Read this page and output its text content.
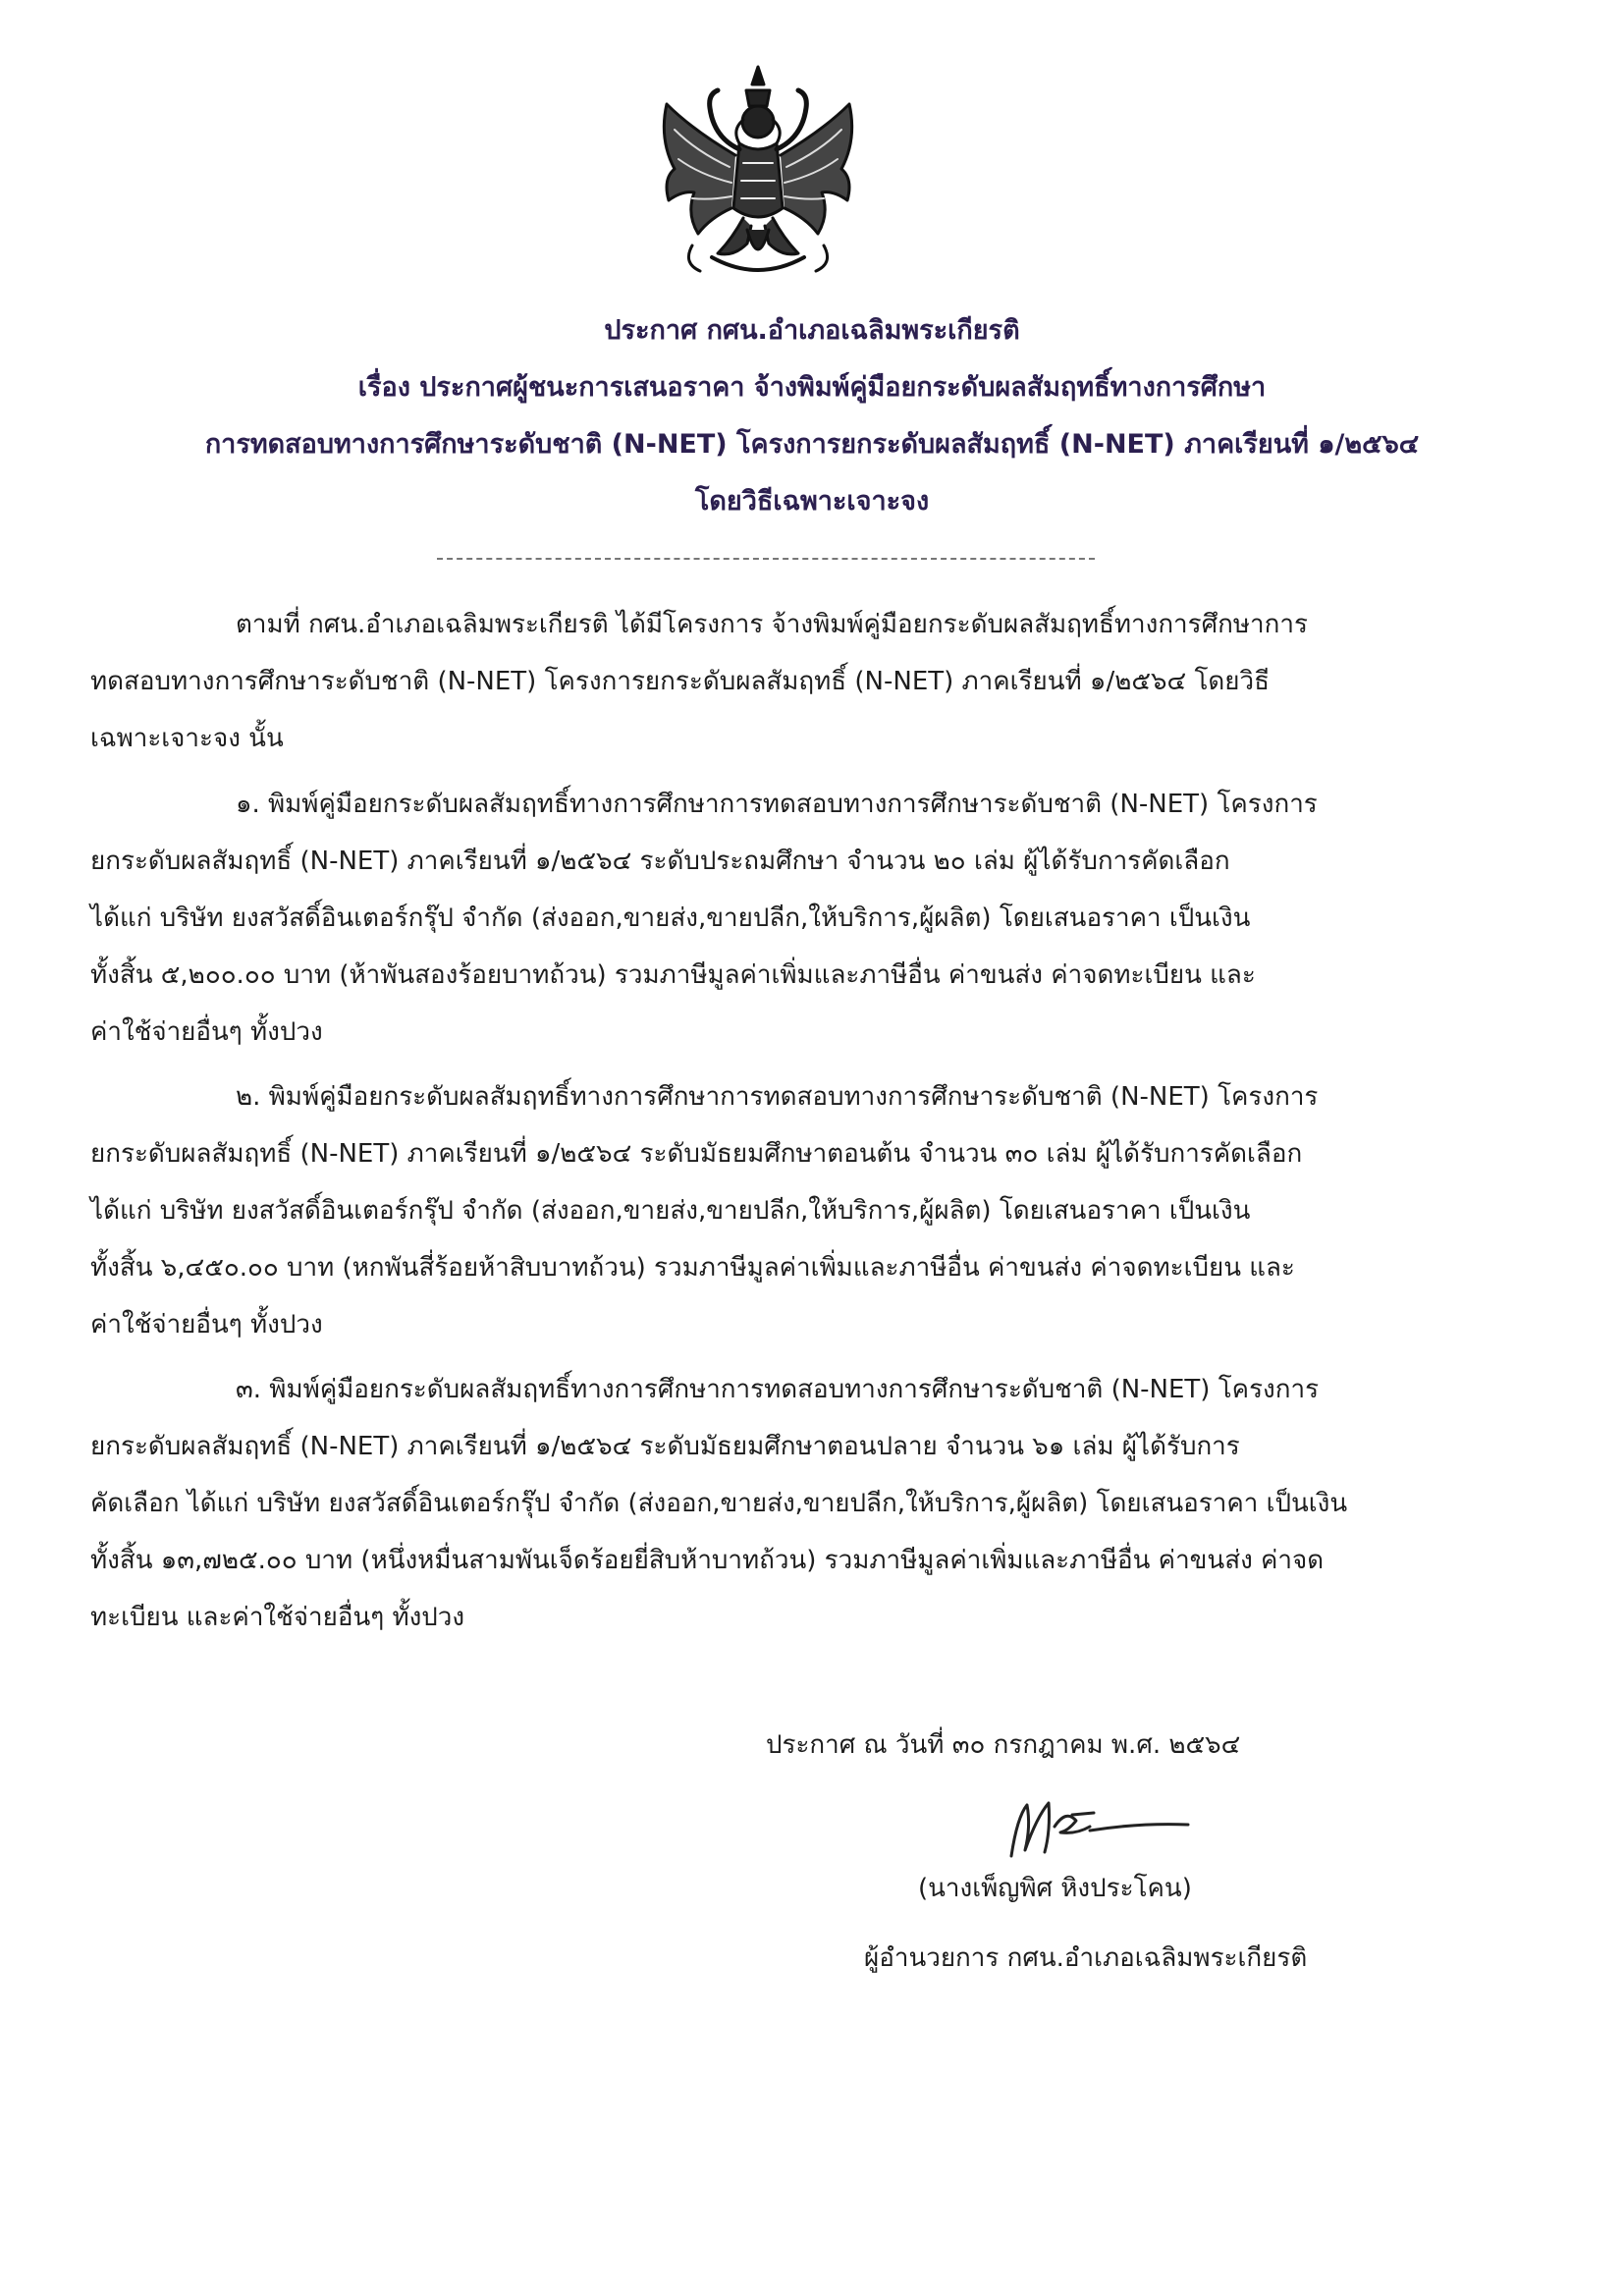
ประกาศ กศน.อำเภอเฉลิมพระเกียรติ
เรื่อง ประกาศผู้ชนะการเสนอราคา จ้างพิมพ์คู่มือยกระดับผลสัมฤทธิ์ทางการศึกษา
การทดสอบทางการศึกษาระดับชาติ (N-NET) โครงการยกระดับผลสัมฤทธิ์ (N-NET) ภาคเรียนที่ ๑/๒๕๖๔
โดยวิธีเฉพาะเจาะจง
ตามที่ กศน.อำเภอเฉลิมพระเกียรติ ได้มีโครงการ จ้างพิมพ์คู่มือยกระดับผลสัมฤทธิ์ทางการศึกษาการ
ทดสอบทางการศึกษาระดับชาติ (N-NET) โครงการยกระดับผลสัมฤทธิ์ (N-NET) ภาคเรียนที่ ๑/๒๕๖๔ โดยวิธี
เฉพาะเจาะจง นั้น
๑. พิมพ์คู่มือยกระดับผลสัมฤทธิ์ทางการศึกษาการทดสอบทางการศึกษาระดับชาติ (N-NET) โครงการ
ยกระดับผลสัมฤทธิ์ (N-NET) ภาคเรียนที่ ๑/๒๕๖๔ ระดับประถมศึกษา จำนวน ๒๐ เล่ม ผู้ได้รับการคัดเลือก
ได้แก่ บริษัท ยงสวัสดิ์อินเตอร์กรุ๊ป จำกัด (ส่งออก,ขายส่ง,ขายปลีก,ให้บริการ,ผู้ผลิต) โดยเสนอราคา เป็นเงิน
ทั้งสิ้น ๕,๒๐๐.๐๐ บาท (ห้าพันสองร้อยบาทถ้วน) รวมภาษีมูลค่าเพิ่มและภาษีอื่น ค่าขนส่ง ค่าจดทะเบียน และ
ค่าใช้จ่ายอื่นๆ ทั้งปวง
๒. พิมพ์คู่มือยกระดับผลสัมฤทธิ์ทางการศึกษาการทดสอบทางการศึกษาระดับชาติ (N-NET) โครงการ
ยกระดับผลสัมฤทธิ์ (N-NET) ภาคเรียนที่ ๑/๒๕๖๔ ระดับมัธยมศึกษาตอนต้น จำนวน ๓๐ เล่ม ผู้ได้รับการคัดเลือก
ได้แก่ บริษัท ยงสวัสดิ์อินเตอร์กรุ๊ป จำกัด (ส่งออก,ขายส่ง,ขายปลีก,ให้บริการ,ผู้ผลิต) โดยเสนอราคา เป็นเงิน
ทั้งสิ้น ๖,๔๕๐.๐๐ บาท (หกพันสี่ร้อยห้าสิบบาทถ้วน) รวมภาษีมูลค่าเพิ่มและภาษีอื่น ค่าขนส่ง ค่าจดทะเบียน และ
ค่าใช้จ่ายอื่นๆ ทั้งปวง
๓. พิมพ์คู่มือยกระดับผลสัมฤทธิ์ทางการศึกษาการทดสอบทางการศึกษาระดับชาติ (N-NET) โครงการ
ยกระดับผลสัมฤทธิ์ (N-NET) ภาคเรียนที่ ๑/๒๕๖๔ ระดับมัธยมศึกษาตอนปลาย จำนวน ๖๑ เล่ม ผู้ได้รับการ
คัดเลือก ได้แก่ บริษัท ยงสวัสดิ์อินเตอร์กรุ๊ป จำกัด (ส่งออก,ขายส่ง,ขายปลีก,ให้บริการ,ผู้ผลิต) โดยเสนอราคา เป็นเงิน
ทั้งสิ้น ๑๓,๗๒๕.๐๐ บาท (หนึ่งหมื่นสามพันเจ็ดร้อยยี่สิบห้าบาทถ้วน) รวมภาษีมูลค่าเพิ่มและภาษีอื่น ค่าขนส่ง ค่าจด
ทะเบียน และค่าใช้จ่ายอื่นๆ ทั้งปวง
ประกาศ ณ วันที่ ๓๐ กรกฎาคม พ.ศ. ๒๕๖๔
(นางเพ็ญพิศ หิงประโคน)
ผู้อำนวยการ กศน.อำเภอเฉลิมพระเกียรติ
